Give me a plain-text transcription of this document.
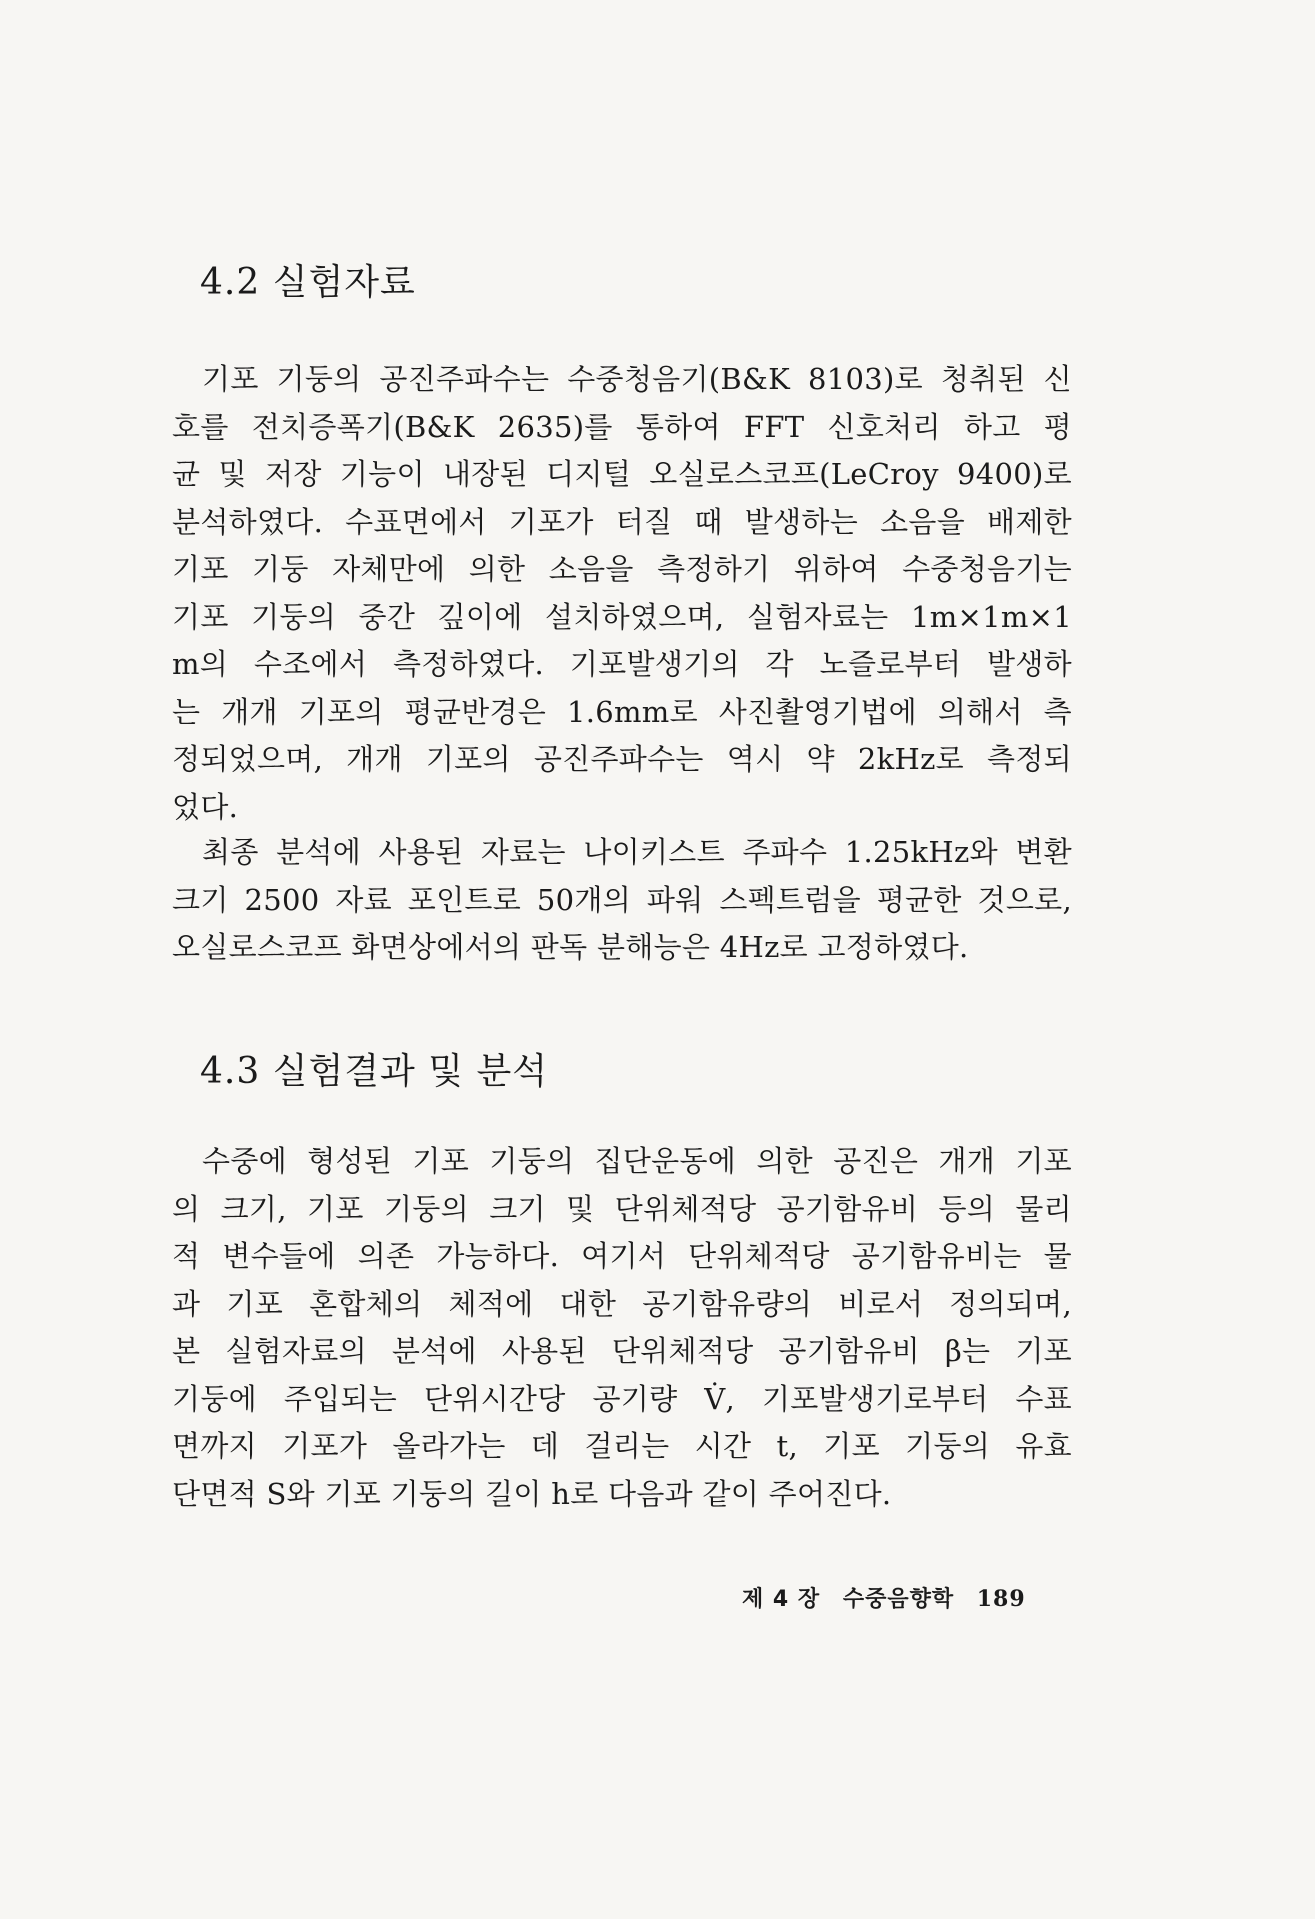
4.2 실험자료

기포 기둥의 공진주파수는 수중청음기(B&K 8103)로 청취된 신
호를 전치증폭기(B&K 2635)를 통하여 FFT 신호처리 하고 평
균 및 저장 기능이 내장된 디지털 오실로스코프(LeCroy 9400)로
분석하였다. 수표면에서 기포가 터질 때 발생하는 소음을 배제한
기포 기둥 자체만에 의한 소음을 측정하기 위하여 수중청음기는
기포 기둥의 중간 깊이에 설치하였으며, 실험자료는 1m×1m×1
m의 수조에서 측정하였다. 기포발생기의 각 노즐로부터 발생하
는 개개 기포의 평균반경은 1.6mm로 사진촬영기법에 의해서 측
정되었으며, 개개 기포의 공진주파수는 역시 약 2kHz로 측정되
었다.

최종 분석에 사용된 자료는 나이키스트 주파수 1.25kHz와 변환
크기 2500 자료 포인트로 50개의 파워 스펙트럼을 평균한 것으로,
오실로스코프 화면상에서의 판독 분해능은 4Hz로 고정하였다.

4.3 실험결과 및 분석

수중에 형성된 기포 기둥의 집단운동에 의한 공진은 개개 기포
의 크기, 기포 기둥의 크기 및 단위체적당 공기함유비 등의 물리
적 변수들에 의존 가능하다. 여기서 단위체적당 공기함유비는 물
과 기포 혼합체의 체적에 대한 공기함유량의 비로서 정의되며,
본 실험자료의 분석에 사용된 단위체적당 공기함유비 β는 기포
기둥에 주입되는 단위시간당 공기량 V̇, 기포발생기로부터 수표
면까지 기포가 올라가는 데 걸리는 시간 t, 기포 기둥의 유효
단면적 S와 기포 기둥의 길이 h로 다음과 같이 주어진다.

제 4 장 수중음향학 189
